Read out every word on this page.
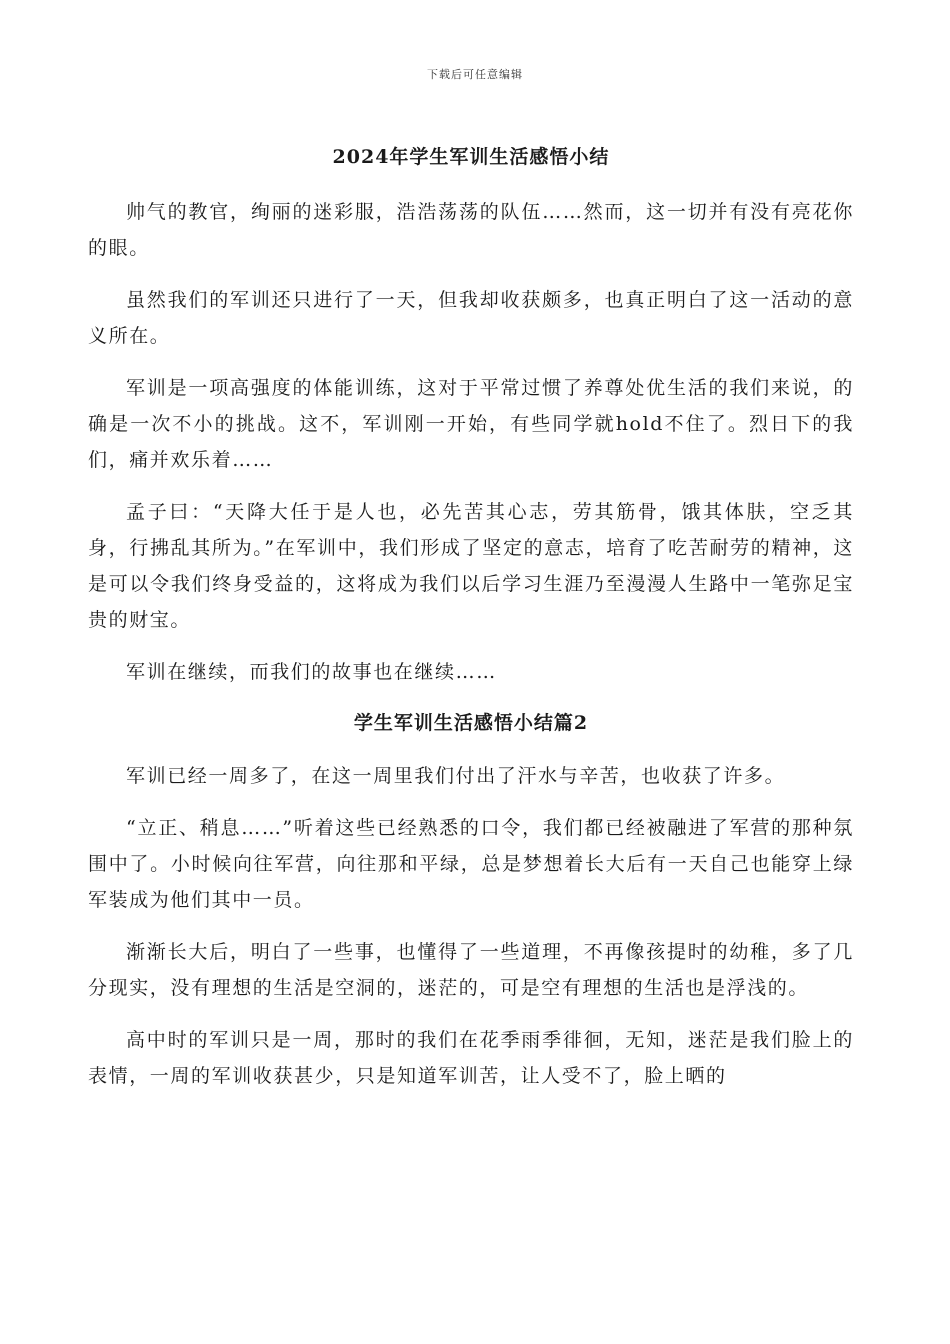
下载后可任意编辑
2024年学生军训生活感悟小结

帅气的教官，绚丽的迷彩服，浩浩荡荡的队伍……然而，这一切并有没有亮花你的眼。

虽然我们的军训还只进行了一天，但我却收获颇多，也真正明白了这一活动的意义所在。

军训是一项高强度的体能训练，这对于平常过惯了养尊处优生活的我们来说，的确是一次不小的挑战。这不，军训刚一开始，有些同学就hold不住了。烈日下的我们，痛并欢乐着……

孟子曰：“天降大任于是人也，必先苦其心志，劳其筋骨，饿其体肤，空乏其身，行拂乱其所为。”在军训中，我们形成了坚定的意志，培育了吃苦耐劳的精神，这是可以令我们终身受益的，这将成为我们以后学习生涯乃至漫漫人生路中一笔弥足宝贵的财宝。

军训在继续，而我们的故事也在继续……

学生军训生活感悟小结篇2

军训已经一周多了，在这一周里我们付出了汗水与辛苦，也收获了许多。

“立正、稍息……”听着这些已经熟悉的口令，我们都已经被融进了军营的那种氛围中了。小时候向往军营，向往那和平绿，总是梦想着长大后有一天自己也能穿上绿军装成为他们其中一员。

渐渐长大后，明白了一些事，也懂得了一些道理，不再像孩提时的幼稚，多了几分现实，没有理想的生活是空洞的，迷茫的，可是空有理想的生活也是浮浅的。

高中时的军训只是一周，那时的我们在花季雨季徘徊，无知，迷茫是我们脸上的表情，一周的军训收获甚少，只是知道军训苦，让人受不了，脸上晒的
